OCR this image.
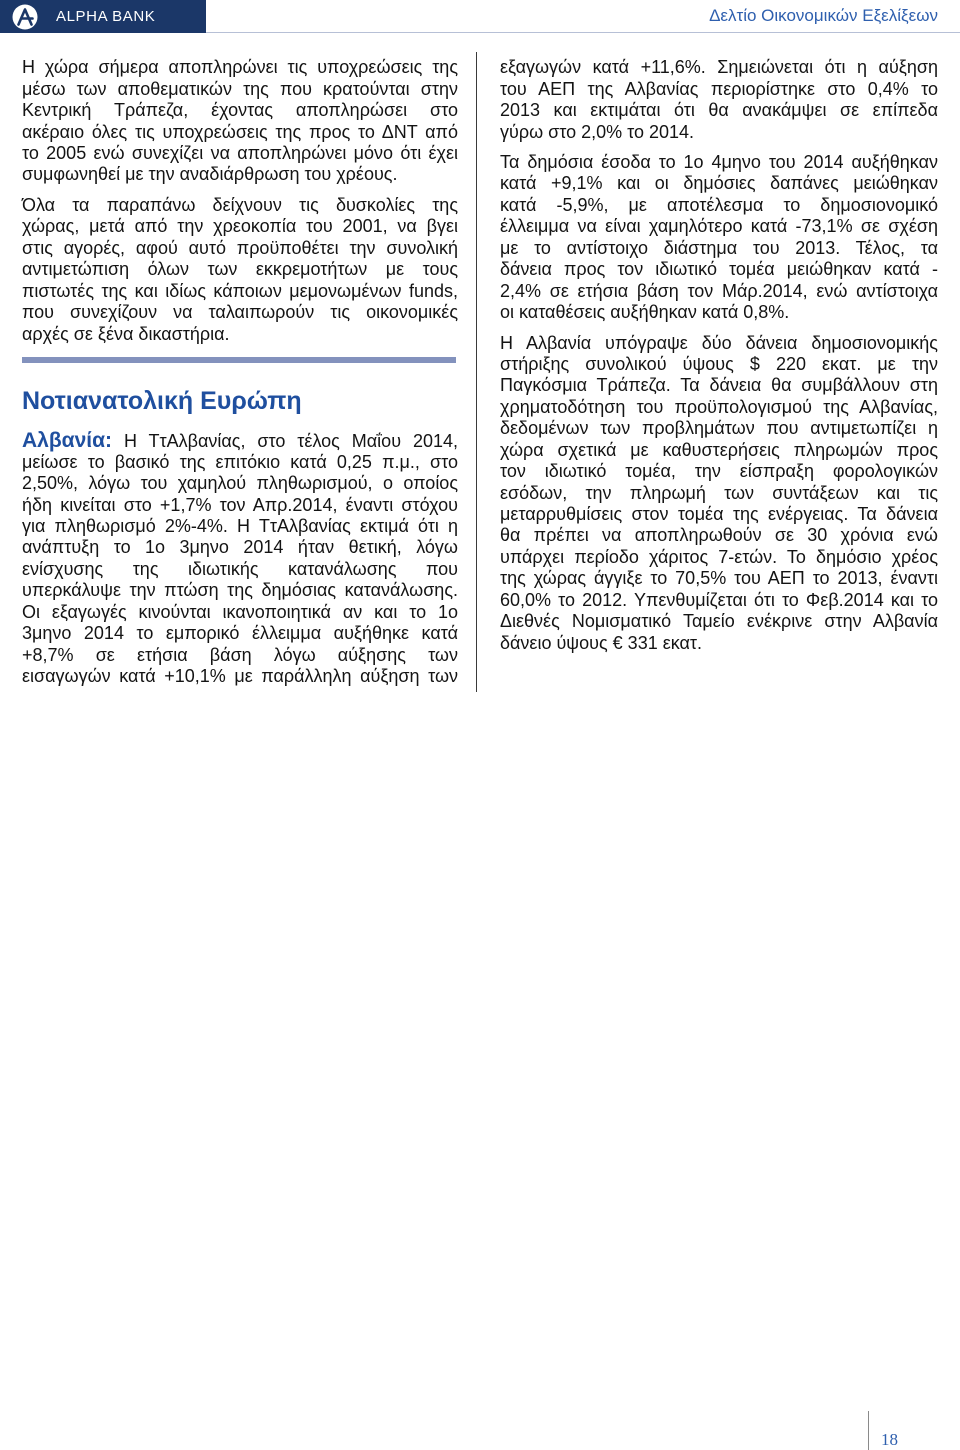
ALPHA BANK	Δελτίο Οικονομικών Εξελίξεων
Η χώρα σήμερα αποπληρώνει τις υποχρεώσεις της
μέσω των αποθεματικών της που κρατούνται στην
Κεντρική Τράπεζα, έχοντας αποπληρώσει στο
ακέραιο όλες τις υποχρεώσεις της προς το ΔΝΤ από
το 2005 ενώ συνεχίζει να αποπληρώνει μόνο ότι έχει
συμφωνηθεί με την αναδιάρθρωση του χρέους.
Όλα τα παραπάνω δείχνουν τις δυσκολίες της
χώρας, μετά από την χρεοκοπία του 2001, να βγει
στις αγορές, αφού αυτό προϋποθέτει την συνολική
αντιμετώπιση όλων των εκκρεμοτήτων με τους
πιστωτές της και ιδίως κάποιων μεμονωμένων funds,
που συνεχίζουν να ταλαιπωρούν τις οικονομικές
αρχές σε ξένα δικαστήρια.
Νοτιανατολική Ευρώπη
Αλβανία: Η ΤτΑλβανίας, στο τέλος Μαΐου 2014,
μείωσε το βασικό της επιτόκιο κατά 0,25 π.μ., στο
2,50%, λόγω του χαμηλού πληθωρισμού, ο οποίος
ήδη κινείται στο +1,7% τον Απρ.2014, έναντι στόχου
για πληθωρισμό 2%-4%. Η ΤτΑλβανίας εκτιμά ότι η
ανάπτυξη το 1ο 3μηνο 2014 ήταν θετική, λόγω
ενίσχυσης της ιδιωτικής κατανάλωσης που
υπερκάλυψε την πτώση της δημόσιας κατανάλωσης.
Οι εξαγωγές κινούνται ικανοποιητικά αν και το 1ο
3μηνο 2014 το εμπορικό έλλειμμα αυξήθηκε κατά
+8,7% σε ετήσια βάση λόγω αύξησης των
εισαγωγών κατά +10,1% με παράλληλη αύξηση των
εξαγωγών κατά +11,6%. Σημειώνεται ότι η αύξηση
του ΑΕΠ της Αλβανίας περιορίστηκε στο 0,4% το
2013 και εκτιμάται ότι θα ανακάμψει σε επίπεδα
γύρω στο 2,0% το 2014.
Τα δημόσια έσοδα το 1ο 4μηνο του 2014 αυξήθηκαν
κατά +9,1% και οι δημόσιες δαπάνες μειώθηκαν
κατά -5,9%, με αποτέλεσμα το δημοσιονομικό
έλλειμμα να είναι χαμηλότερο κατά -73,1% σε σχέση
με το αντίστοιχο διάστημα του 2013. Τέλος, τα
δάνεια προς τον ιδιωτικό τομέα μειώθηκαν κατά -
2,4% σε ετήσια βάση τον Μάρ.2014, ενώ αντίστοιχα
οι καταθέσεις αυξήθηκαν κατά 0,8%.
Η Αλβανία υπόγραψε δύο δάνεια δημοσιονομικής
στήριξης συνολικού ύψους $ 220 εκατ. με την
Παγκόσμια Τράπεζα. Τα δάνεια θα συμβάλλουν στη
χρηματοδότηση του προϋπολογισμού της Αλβανίας,
δεδομένων των προβλημάτων που αντιμετωπίζει η
χώρα σχετικά με καθυστερήσεις πληρωμών προς
τον ιδιωτικό τομέα, την είσπραξη φορολογικών
εσόδων, την πληρωμή των συντάξεων και τις
μεταρρυθμίσεις στον τομέα της ενέργειας. Τα δάνεια
θα πρέπει να αποπληρωθούν σε 30 χρόνια ενώ
υπάρχει περίοδο χάριτος 7-ετών. Το δημόσιο χρέος
της χώρας άγγιξε το 70,5% του ΑΕΠ το 2013, έναντι
60,0% το 2012. Υπενθυμίζεται ότι το Φεβ.2014 και το
Διεθνές Νομισματικό Ταμείο ενέκρινε στην Αλβανία
δάνειο ύψους € 331 εκατ.
18
